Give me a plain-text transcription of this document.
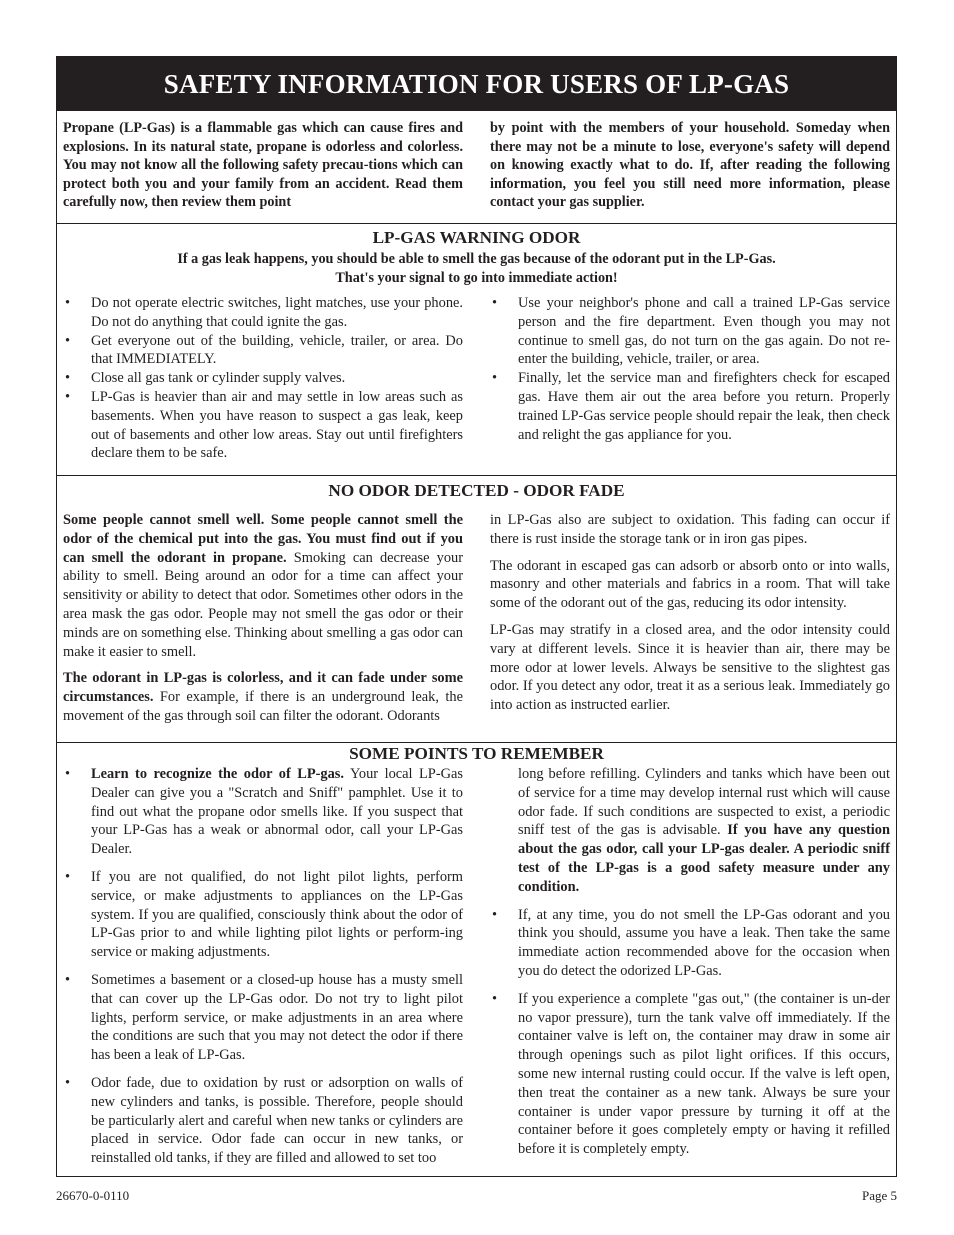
SAFETY INFORMATION FOR USERS OF LP-GAS

Propane (LP-Gas) is a flammable gas which can cause fires and explosions. In its natural state, propane is odorless and colorless. You may not know all the following safety precau-tions which can protect both you and your family from an accident. Read them carefully now, then review them point

by point with the members of your household. Someday when there may not be a minute to lose, everyone's safety will depend on knowing exactly what to do. If, after reading the following information, you feel you still need more information, please contact your gas supplier.

LP-GAS WARNING ODOR
If a gas leak happens, you should be able to smell the gas because of the odorant put in the LP-Gas.
That's your signal to go into immediate action!
•	Do not operate electric switches, light matches, use your phone. Do not do anything that could ignite the gas.
•	Get everyone out of the building, vehicle, trailer, or area. Do that IMMEDIATELY.
•	Close all gas tank or cylinder supply valves.
•	LP-Gas is heavier than air and may settle in low areas such as basements. When you have reason to suspect a gas leak, keep out of basements and other low areas. Stay out until firefighters declare them to be safe.
•	Use your neighbor's phone and call a trained LP-Gas service person and the fire department. Even though you may not continue to smell gas, do not turn on the gas again. Do not re-enter the building, vehicle, trailer, or area.
•	Finally, let the service man and firefighters check for escaped gas. Have them air out the area before you return. Properly trained LP-Gas service people should repair the leak, then check and relight the gas appliance for you.
NO ODOR DETECTED - ODOR FADE

Some people cannot smell well. Some people cannot smell the odor of the chemical put into the gas. You must find out if you can smell the odorant in propane. Smoking can decrease your ability to smell. Being around an odor for a time can affect your sensitivity or ability to detect that odor. Sometimes other odors in the area mask the gas odor. People may not smell the gas odor or their minds are on something else. Thinking about smelling a gas odor can make it easier to smell.

The odorant in LP-gas is colorless, and it can fade under some circumstances. For example, if there is an underground leak, the movement of the gas through soil can filter the odorant. Odorants

in LP-Gas also are subject to oxidation. This fading can occur if there is rust inside the storage tank or in iron gas pipes.

The odorant in escaped gas can adsorb or absorb onto or into walls, masonry and other materials and fabrics in a room. That will take some of the odorant out of the gas, reducing its odor intensity.

LP-Gas may stratify in a closed area, and the odor intensity could vary at different levels. Since it is heavier than air, there may be more odor at lower levels. Always be sensitive to the slightest gas odor. If you detect any odor, treat it as a serious leak. Immediately go into action as instructed earlier.

SOME POINTS TO REMEMBER
•	Learn to recognize the odor of LP-gas. Your local LP-Gas Dealer can give you a "Scratch and Sniff" pamphlet. Use it to find out what the propane odor smells like. If you suspect that your LP-Gas has a weak or abnormal odor, call your LP-Gas Dealer.
•	If you are not qualified, do not light pilot lights, perform service, or make adjustments to appliances on the LP-Gas system. If you are qualified, consciously think about the odor of LP-Gas prior to and while lighting pilot lights or perform-ing service or making adjustments.
•	Sometimes a basement or a closed-up house has a musty smell that can cover up the LP-Gas odor. Do not try to light pilot lights, perform service, or make adjustments in an area where the conditions are such that you may not detect the odor if there has been a leak of LP-Gas.
•	Odor fade, due to oxidation by rust or adsorption on walls of new cylinders and tanks, is possible. Therefore, people should be particularly alert and careful when new tanks or cylinders are placed in service. Odor fade can occur in new tanks, or reinstalled old tanks, if they are filled and allowed to set too
long before refilling. Cylinders and tanks which have been out of service for a time may develop internal rust which will cause odor fade. If such conditions are suspected to exist, a periodic sniff test of the gas is advisable. If you have any question about the gas odor, call your LP-gas dealer. A periodic sniff test of the LP-gas is a good safety measure under any condition.
•	If, at any time, you do not smell the LP-Gas odorant and you think you should, assume you have a leak. Then take the same immediate action recommended above for the occasion when you do detect the odorized LP-Gas.
•	If you experience a complete "gas out," (the container is un-der no vapor pressure), turn the tank valve off immediately. If the container valve is left on, the container may draw in some air through openings such as pilot light orifices. If this occurs, some new internal rusting could occur. If the valve is left open, then treat the container as a new tank. Always be sure your container is under vapor pressure by turning it off at the container before it goes completely empty or having it refilled before it is completely empty.
26670-0-0110	Page 5
